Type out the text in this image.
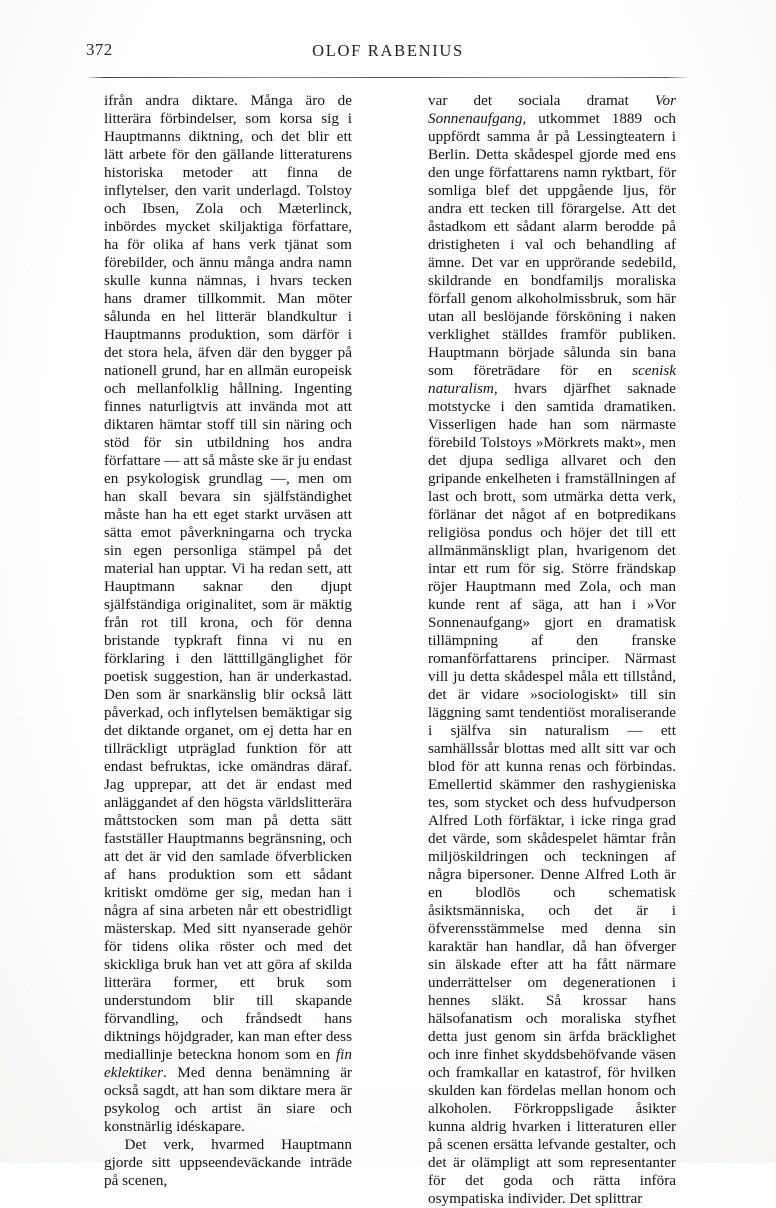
372	OLOF RABENIUS

ifrån andra diktare. Många äro de litterära förbindelser, som korsa sig i Hauptmanns diktning, och det blir ett lätt arbete för den gällande litteraturens historiska metoder att finna de inflytelser, den varit underlagd. Tolstoy och Ibsen, Zola och Mæterlinck, inbördes mycket skiljaktiga författare, ha för olika af hans verk tjänat som förebilder, och ännu många andra namn skulle kunna nämnas, i hvars tecken hans dramer tillkommit. Man möter sålunda en hel litterär blandkultur i Hauptmanns produktion, som därför i det stora hela, äfven där den bygger på nationell grund, har en allmän europeisk och mellanfolklig hållning. Ingenting finnes naturligtvis att invända mot att diktaren hämtar stoff till sin näring och stöd för sin utbildning hos andra författare — att så måste ske är ju endast en psykologisk grundlag —, men om han skall bevara sin själfständighet måste han ha ett eget starkt urväsen att sätta emot påverkningarna och trycka sin egen personliga stämpel på det material han upptar. Vi ha redan sett, att Hauptmann saknar den djupt själfständiga originalitet, som är mäktig från rot till krona, och för denna bristande typkraft finna vi nu en förklaring i den lätttillgänglighet för poetisk suggestion, han är underkastad. Den som är snarkänslig blir också lätt påverkad, och inflytelsen bemäktigar sig det diktande organet, om ej detta har en tillräckligt utpräglad funktion för att endast befruktas, icke omändras däraf. Jag upprepar, att det är endast med anläggandet af den högsta världslitterära måttstocken som man på detta sätt fastställer Hauptmanns begränsning, och att det är vid den samlade öfverblicken af hans produktion som ett sådant kritiskt omdöme ger sig, medan han i några af sina arbeten når ett obestridligt mästerskap. Med sitt nyanserade gehör för tidens olika röster och med det skickliga bruk han vet att göra af skilda litterära former, ett bruk som understundom blir till skapande förvandling, och fråndsedt hans diktnings höjdgrader, kan man efter dess mediallinje beteckna honom som en fin eklektiker. Med denna benämning är också sagdt, att han som diktare mera är psykolog och artist än siare och konstnärlig idéskapare.

Det verk, hvarmed Hauptmann gjorde sitt uppseendeväckande inträde på scenen,

var det sociala dramat Vor Sonnenaufgang, utkommet 1889 och uppfördt samma år på Lessingteatern i Berlin. Detta skådespel gjorde med ens den unge författarens namn ryktbart, för somliga blef det uppgående ljus, för andra ett tecken till förargelse. Att det åstadkom ett sådant alarm berodde på dristigheten i val och behandling af ämne. Det var en upprörande sedebild, skildrande en bondfamiljs moraliska förfall genom alkoholmissbruk, som här utan all beslöjande försköning i naken verklighet ställdes framför publiken. Hauptmann började sålunda sin bana som företrädare för en scenisk naturalism, hvars djärfhet saknade motstycke i den samtida dramatiken. Visserligen hade han som närmaste förebild Tolstoys »Mörkrets makt», men det djupa sedliga allvaret och den gripande enkelheten i framställningen af last och brott, som utmärka detta verk, förlänar det något af en botpredikans religiösa pondus och höjer det till ett allmänmänskligt plan, hvarigenom det intar ett rum för sig. Större frändskap röjer Hauptmann med Zola, och man kunde rent af säga, att han i »Vor Sonnenaufgang» gjort en dramatisk tillämpning af den franske romanförfattarens principer. Närmast vill ju detta skådespel måla ett tillstånd, det är vidare »sociologiskt» till sin läggning samt tendentiöst moraliserande i själfva sin naturalism — ett samhällssår blottas med allt sitt var och blod för att kunna renas och förbindas. Emellertid skämmer den rashygieniska tes, som stycket och dess hufvudperson Alfred Loth förfäktar, i icke ringa grad det värde, som skådespelet hämtar från miljöskildringen och teckningen af några bipersoner. Denne Alfred Loth är en blodlös och schematisk åsiktsmänniska, och det är i öfverensstämmelse med denna sin karaktär han handlar, då han öfverger sin älskade efter att ha fått närmare underrättelser om degenerationen i hennes släkt. Så krossar hans hälsofanatism och moraliska styfhet detta just genom sin ärfda bräcklighet och inre finhet skyddsbehöfvande väsen och framkallar en katastrof, för hvilken skulden kan fördelas mellan honom och alkoholen. Förkroppsligade åsikter kunna aldrig hvarken i litteraturen eller på scenen ersätta lefvande gestalter, och det är olämpligt att som representanter för det goda och rätta införa osympatiska individer. Det splittrar
